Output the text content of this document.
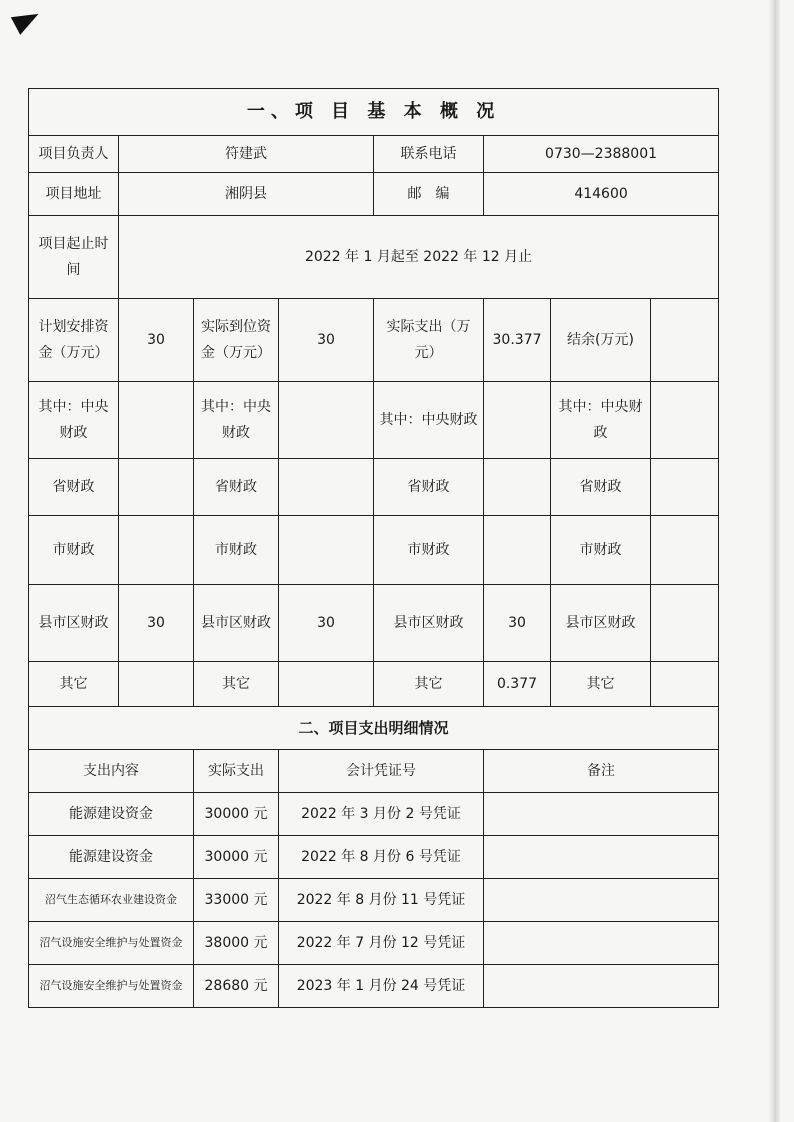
一、项 目 基 本 概 况							
项目负责人	符建武			联系电话	0730—2388001		
项目地址	湘阴县			邮　编	414600		
项目起止时间	2022 年 1 月起至 2022 年 12 月止						
计划安排资金（万元）	30	实际到位资金（万元）	30	实际支出（万元）	30.377	结余(万元)	
其中：中央财政		其中：中央财政		其中：中央财政		其中：中央财政	
省财政		省财政		省财政		省财政	
市财政		市财政		市财政		市财政	
县市区财政	30	县市区财政	30	县市区财政	30	县市区财政	
其它		其它		其它	0.377	其它	
二、项目支出明细情况			
支出内容	实际支出	会计凭证号	备注
能源建设资金	30000 元	2022 年 3 月份 2 号凭证	
能源建设资金	30000 元	2022 年 8 月份 6 号凭证	
沼气生态循环农业建设资金	33000 元	2022 年 8 月份 11 号凭证	
沼气设施安全维护与处置资金	38000 元	2022 年 7 月份 12 号凭证	
沼气设施安全维护与处置资金	28680 元	2023 年 1 月份 24 号凭证	
